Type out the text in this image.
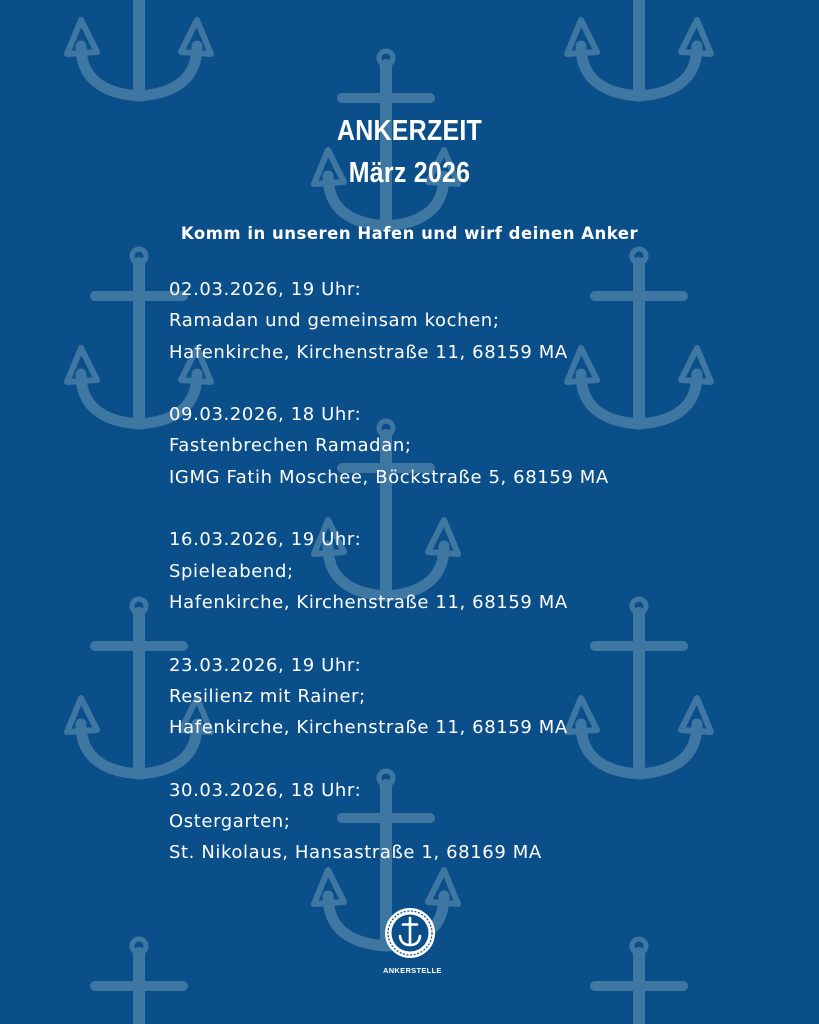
ANKERZEIT
März 2026
Komm in unseren Hafen und wirf deinen Anker
02.03.2026, 19 Uhr:
Ramadan und gemeinsam kochen;
Hafenkirche, Kirchenstraße 11, 68159 MA
09.03.2026, 18 Uhr:
Fastenbrechen Ramadan;
IGMG Fatih Moschee, Böckstraße 5, 68159 MA
16.03.2026, 19 Uhr:
Spieleabend;
Hafenkirche, Kirchenstraße 11, 68159 MA
23.03.2026, 19 Uhr:
Resilienz mit Rainer;
Hafenkirche, Kirchenstraße 11, 68159 MA
30.03.2026, 18 Uhr:
Ostergarten;
St. Nikolaus, Hansastraße 1, 68169 MA
ANKERSTELLE
